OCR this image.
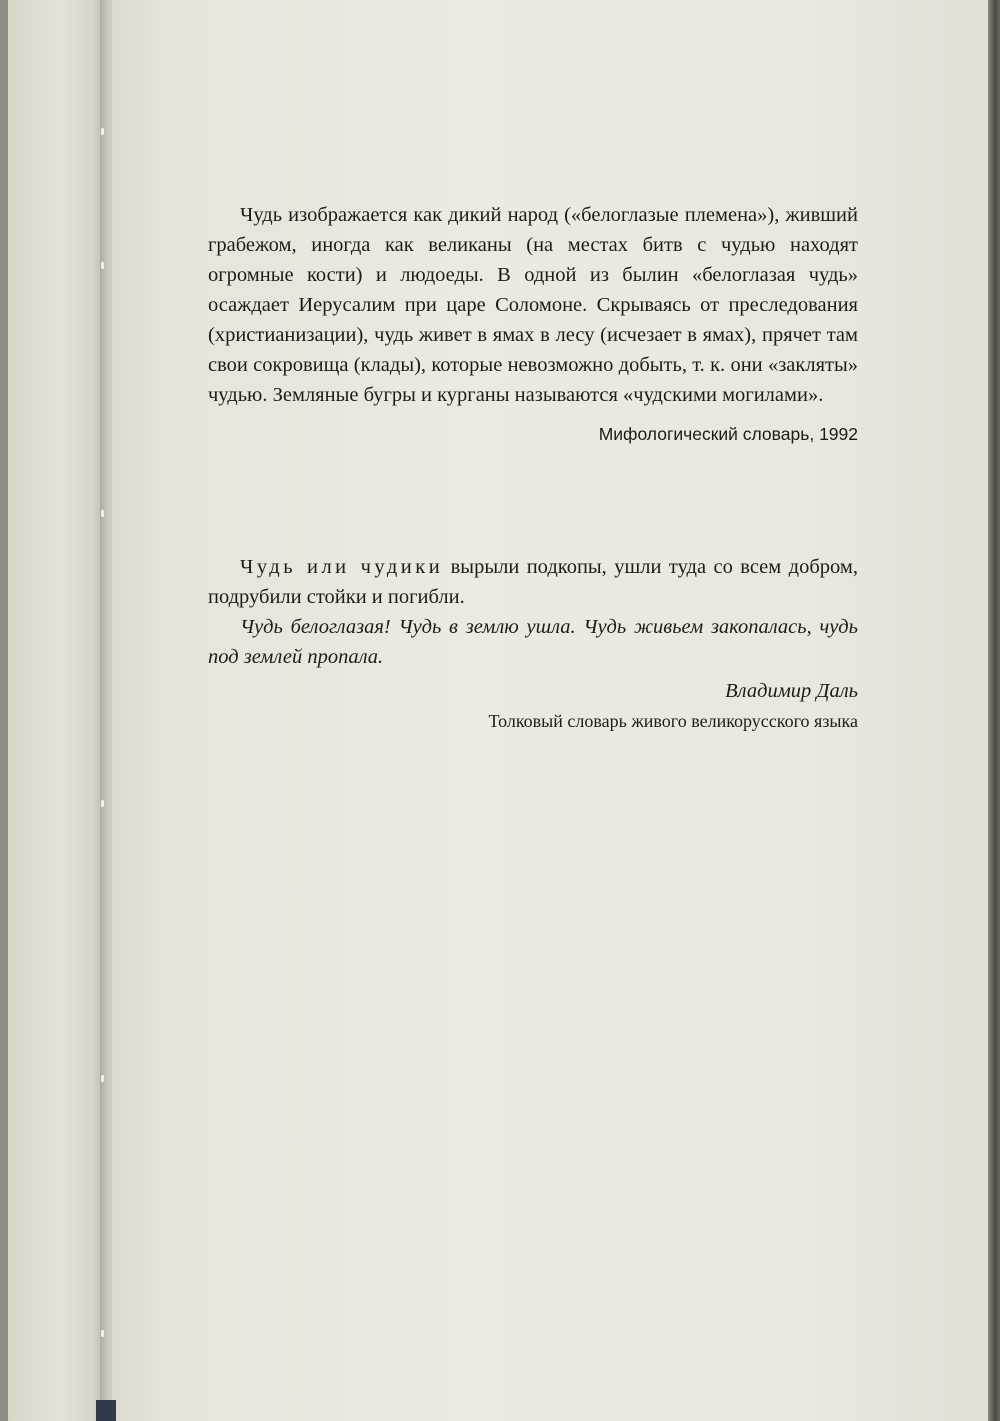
Чудь изображается как дикий народ («белоглазые племена»), живший грабежом, иногда как великаны (на местах битв с чудью находят огромные кости) и людоеды. В одной из былин «белоглазая чудь» осаждает Иерусалим при царе Соломоне. Скрываясь от преследования (христианизации), чудь живет в ямах в лесу (исчезает в ямах), прячет там свои сокровища (клады), которые невозможно добыть, т. к. они «закляты» чудью. Земляные бугры и курганы называются «чудскими могилами».

Мифологический словарь, 1992

Чудь или чудики вырыли подкопы, ушли туда со всем добром, подрубили стойки и погибли.

Чудь белоглазая! Чудь в землю ушла. Чудь живьем закопалась, чудь под землей пропала.

Владимир Даль

Толковый словарь живого великорусского языка
